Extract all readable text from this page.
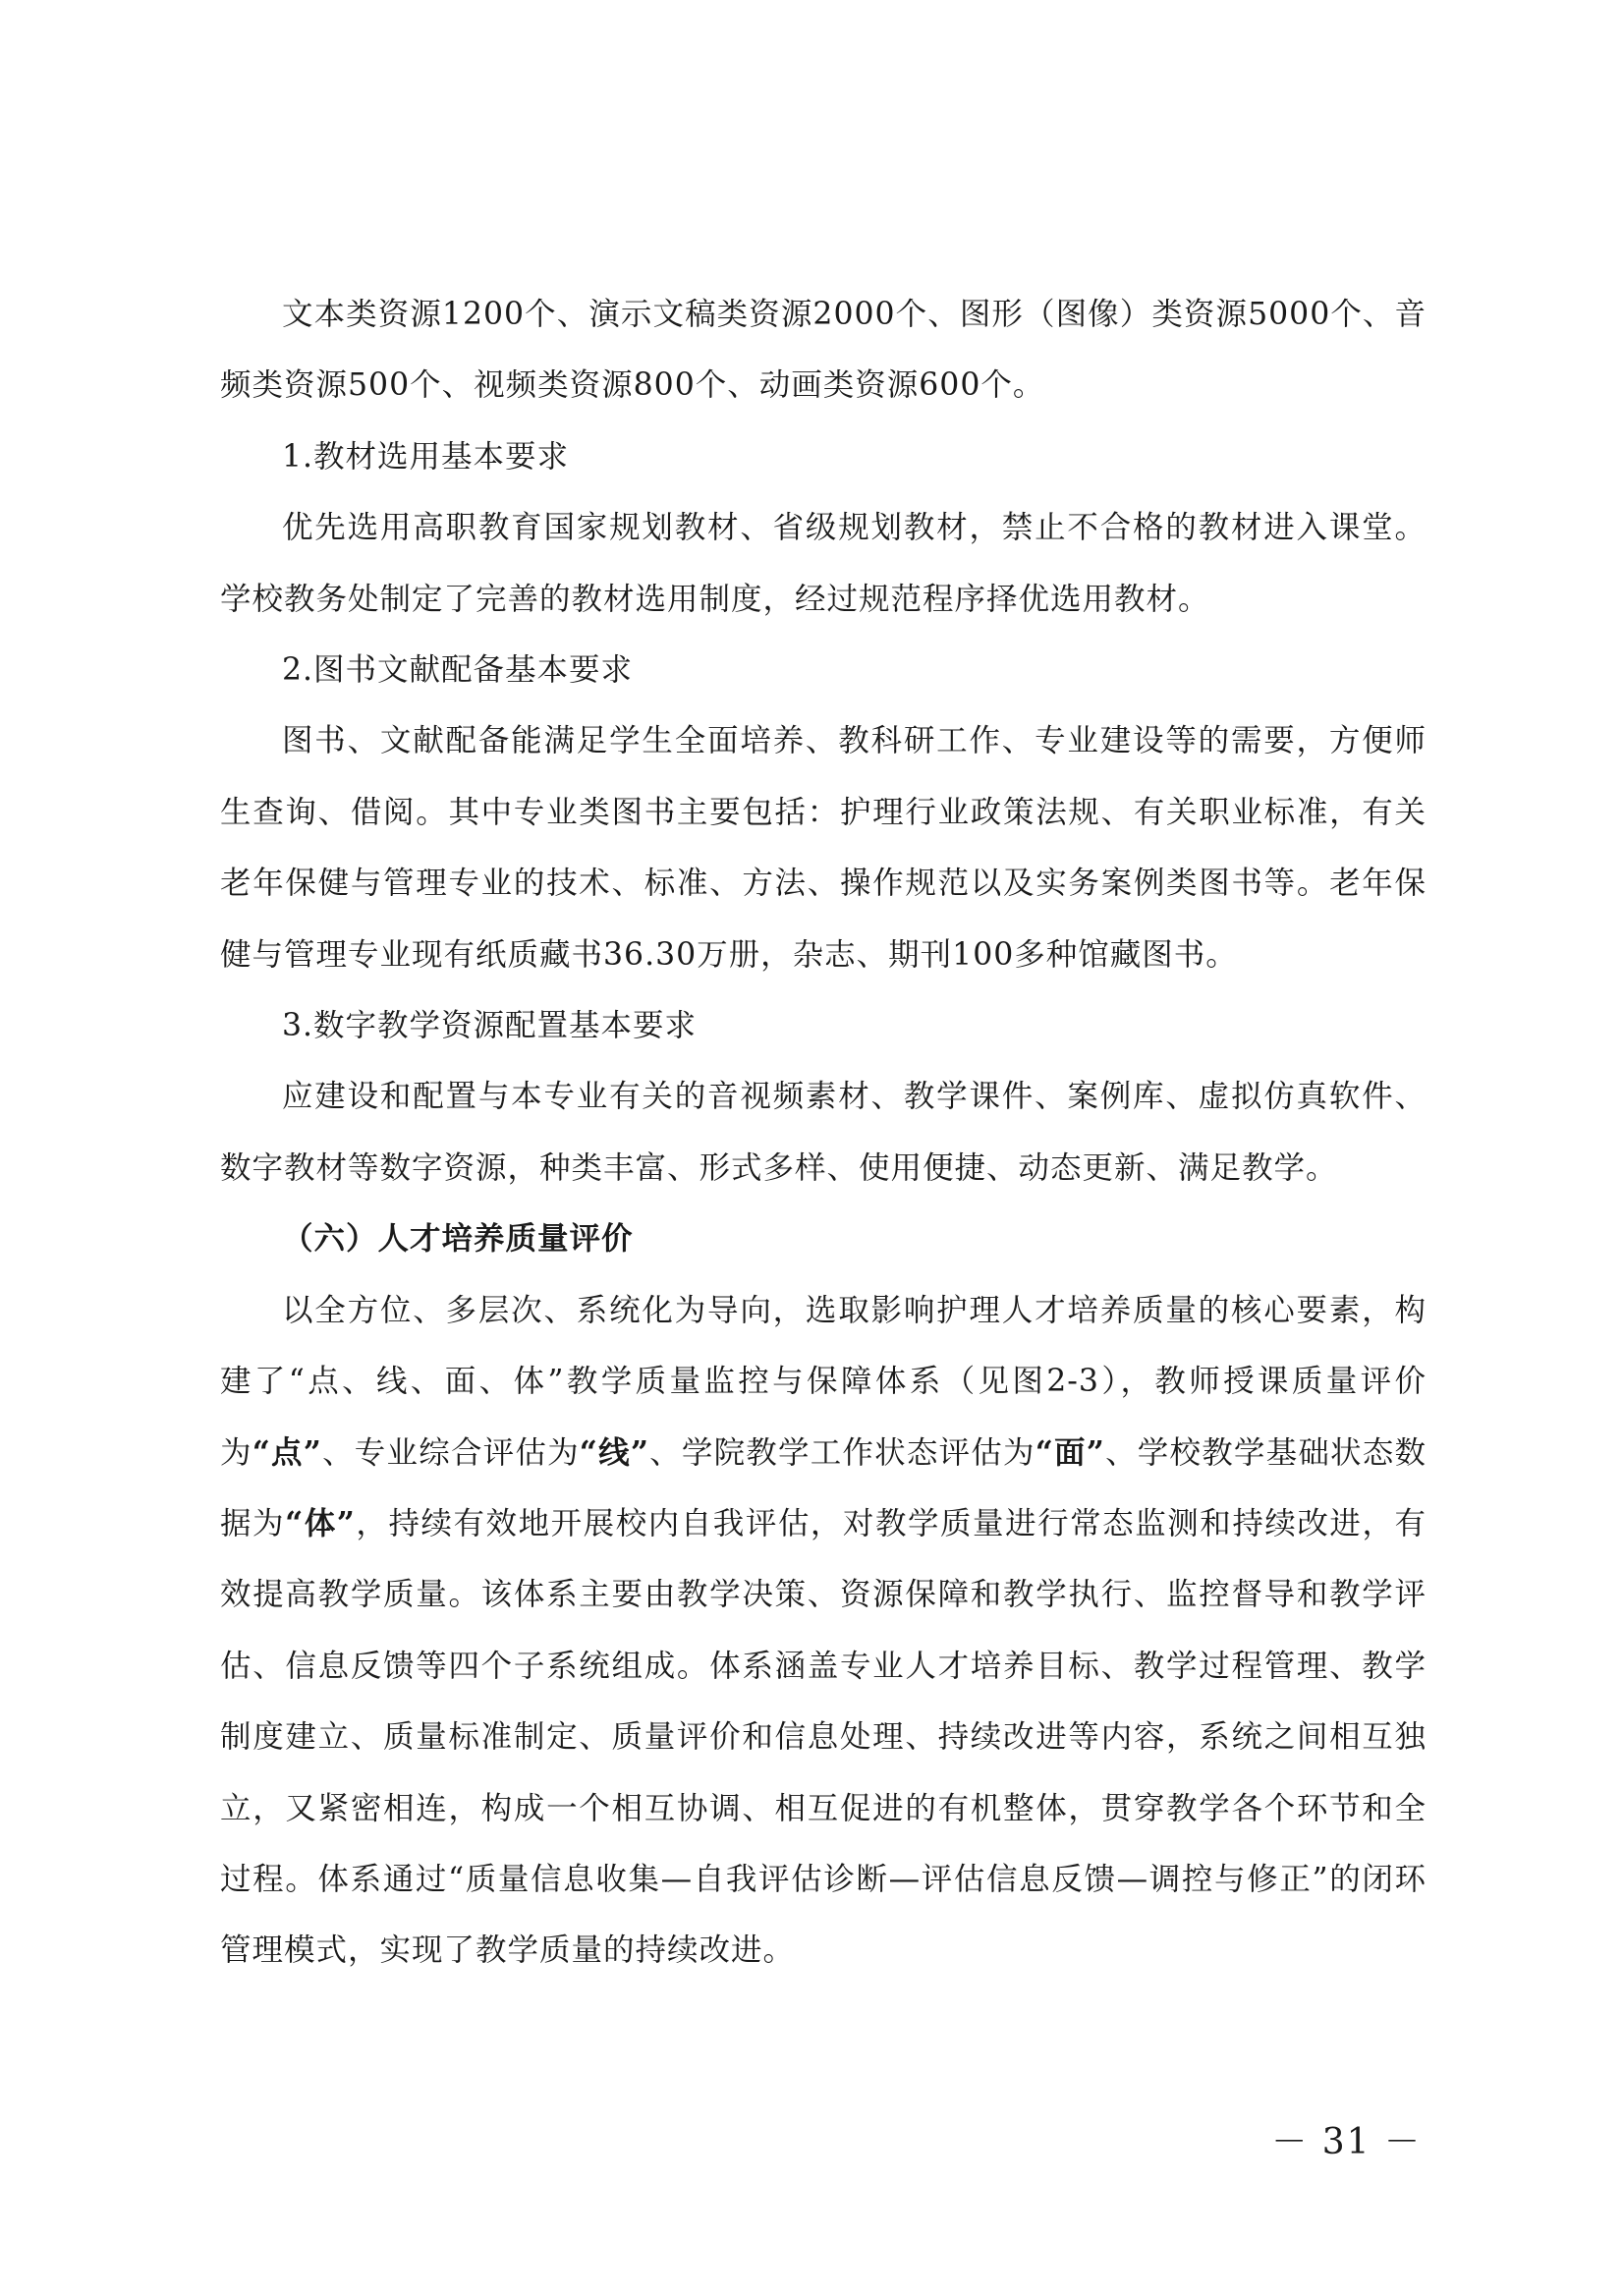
文本类资源1200个、演示文稿类资源2000个、图形（图像）类资源5000个、音频类资源500个、视频类资源800个、动画类资源600个。

1.教材选用基本要求

优先选用高职教育国家规划教材、省级规划教材，禁止不合格的教材进入课堂。学校教务处制定了完善的教材选用制度，经过规范程序择优选用教材。

2.图书文献配备基本要求

图书、文献配备能满足学生全面培养、教科研工作、专业建设等的需要，方便师生查询、借阅。其中专业类图书主要包括：护理行业政策法规、有关职业标准，有关老年保健与管理专业的技术、标准、方法、操作规范以及实务案例类图书等。老年保健与管理专业现有纸质藏书36.30万册，杂志、期刊100多种馆藏图书。

3.数字教学资源配置基本要求

应建设和配置与本专业有关的音视频素材、教学课件、案例库、虚拟仿真软件、数字教材等数字资源，种类丰富、形式多样、使用便捷、动态更新、满足教学。

（六）人才培养质量评价

以全方位、多层次、系统化为导向，选取影响护理人才培养质量的核心要素，构建了“点、线、面、体”教学质量监控与保障体系（见图2-3），教师授课质量评价为“点”、专业综合评估为“线”、学院教学工作状态评估为“面”、学校教学基础状态数据为“体”，持续有效地开展校内自我评估，对教学质量进行常态监测和持续改进，有效提高教学质量。该体系主要由教学决策、资源保障和教学执行、监控督导和教学评估、信息反馈等四个子系统组成。体系涵盖专业人才培养目标、教学过程管理、教学制度建立、质量标准制定、质量评价和信息处理、持续改进等内容，系统之间相互独立，又紧密相连，构成一个相互协调、相互促进的有机整体，贯穿教学各个环节和全过程。体系通过“质量信息收集—自我评估诊断—评估信息反馈—调控与修正”的闭环管理模式，实现了教学质量的持续改进。

－ 31 －
